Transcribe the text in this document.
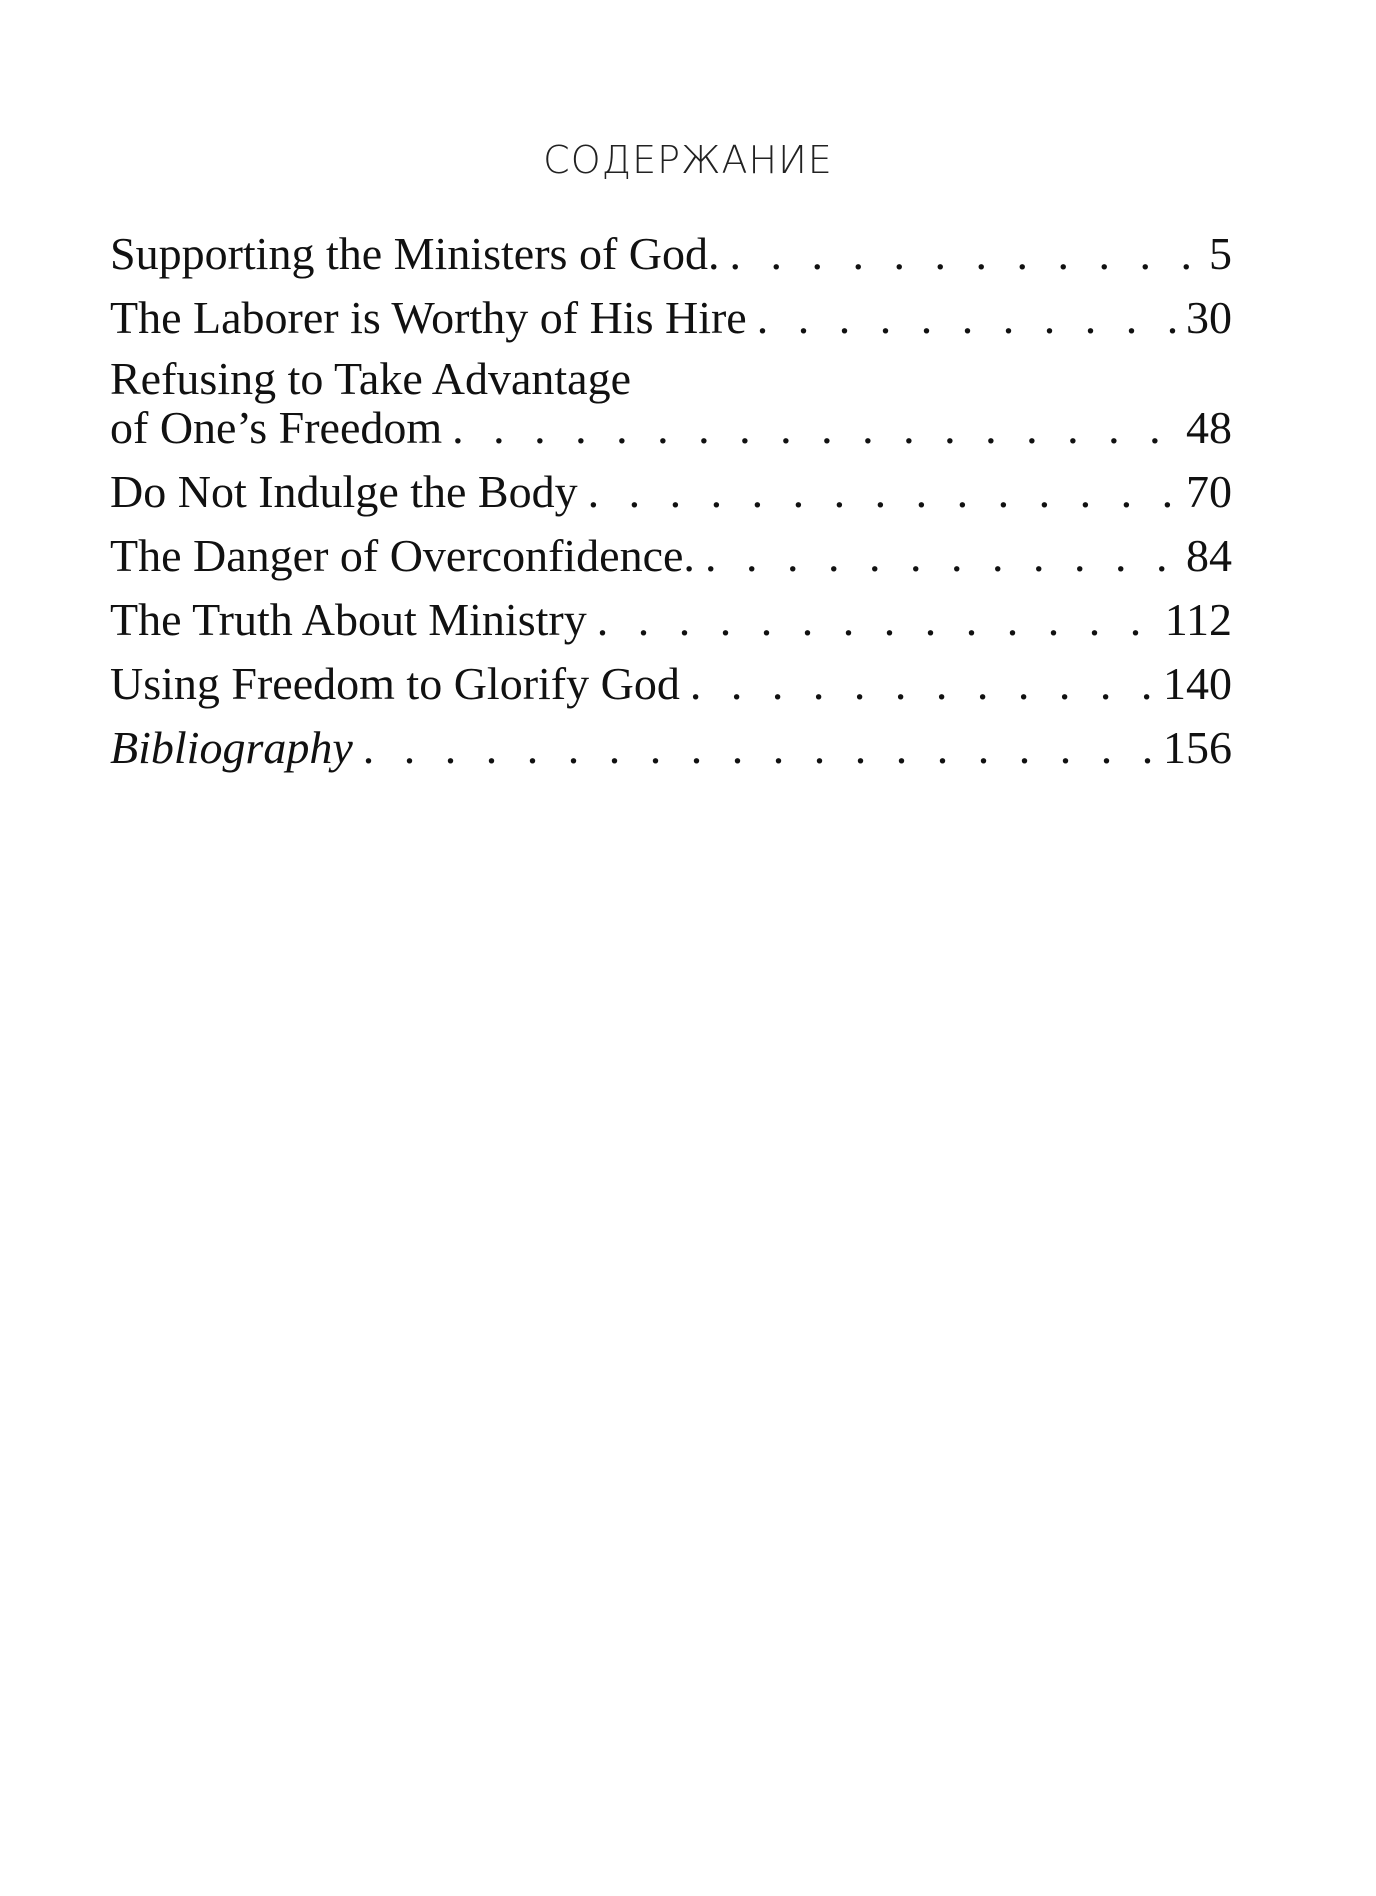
СОДЕРЖАНИЕ
Supporting the Ministers of God. . . .	5
The Laborer is Worthy of His Hire . . .	30
Refusing to Take Advantage
of One’s Freedom . . .	48
Do Not Indulge the Body . . .	70
The Danger of Overconfidence. . . .	84
The Truth About Ministry . . .	112
Using Freedom to Glorify God . . .	140
Bibliography . . .	156
